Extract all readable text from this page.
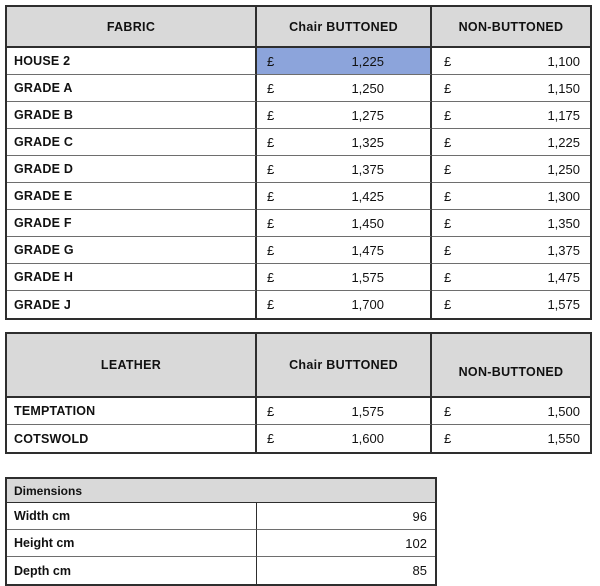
FABRIC	Chair BUTTONED	NON-BUTTONED
HOUSE 2	£	1,225	£	1,100
GRADE A	£	1,250	£	1,150
GRADE B	£	1,275	£	1,175
GRADE C	£	1,325	£	1,225
GRADE D	£	1,375	£	1,250
GRADE E	£	1,425	£	1,300
GRADE F	£	1,450	£	1,350
GRADE G	£	1,475	£	1,375
GRADE H	£	1,575	£	1,475
GRADE J	£	1,700	£	1,575
LEATHER	Chair BUTTONED	NON-BUTTONED
TEMPTATION	£	1,575	£	1,500
COTSWOLD	£	1,600	£	1,550
Dimensions
Width cm	96
Height cm	102
Depth cm	85
